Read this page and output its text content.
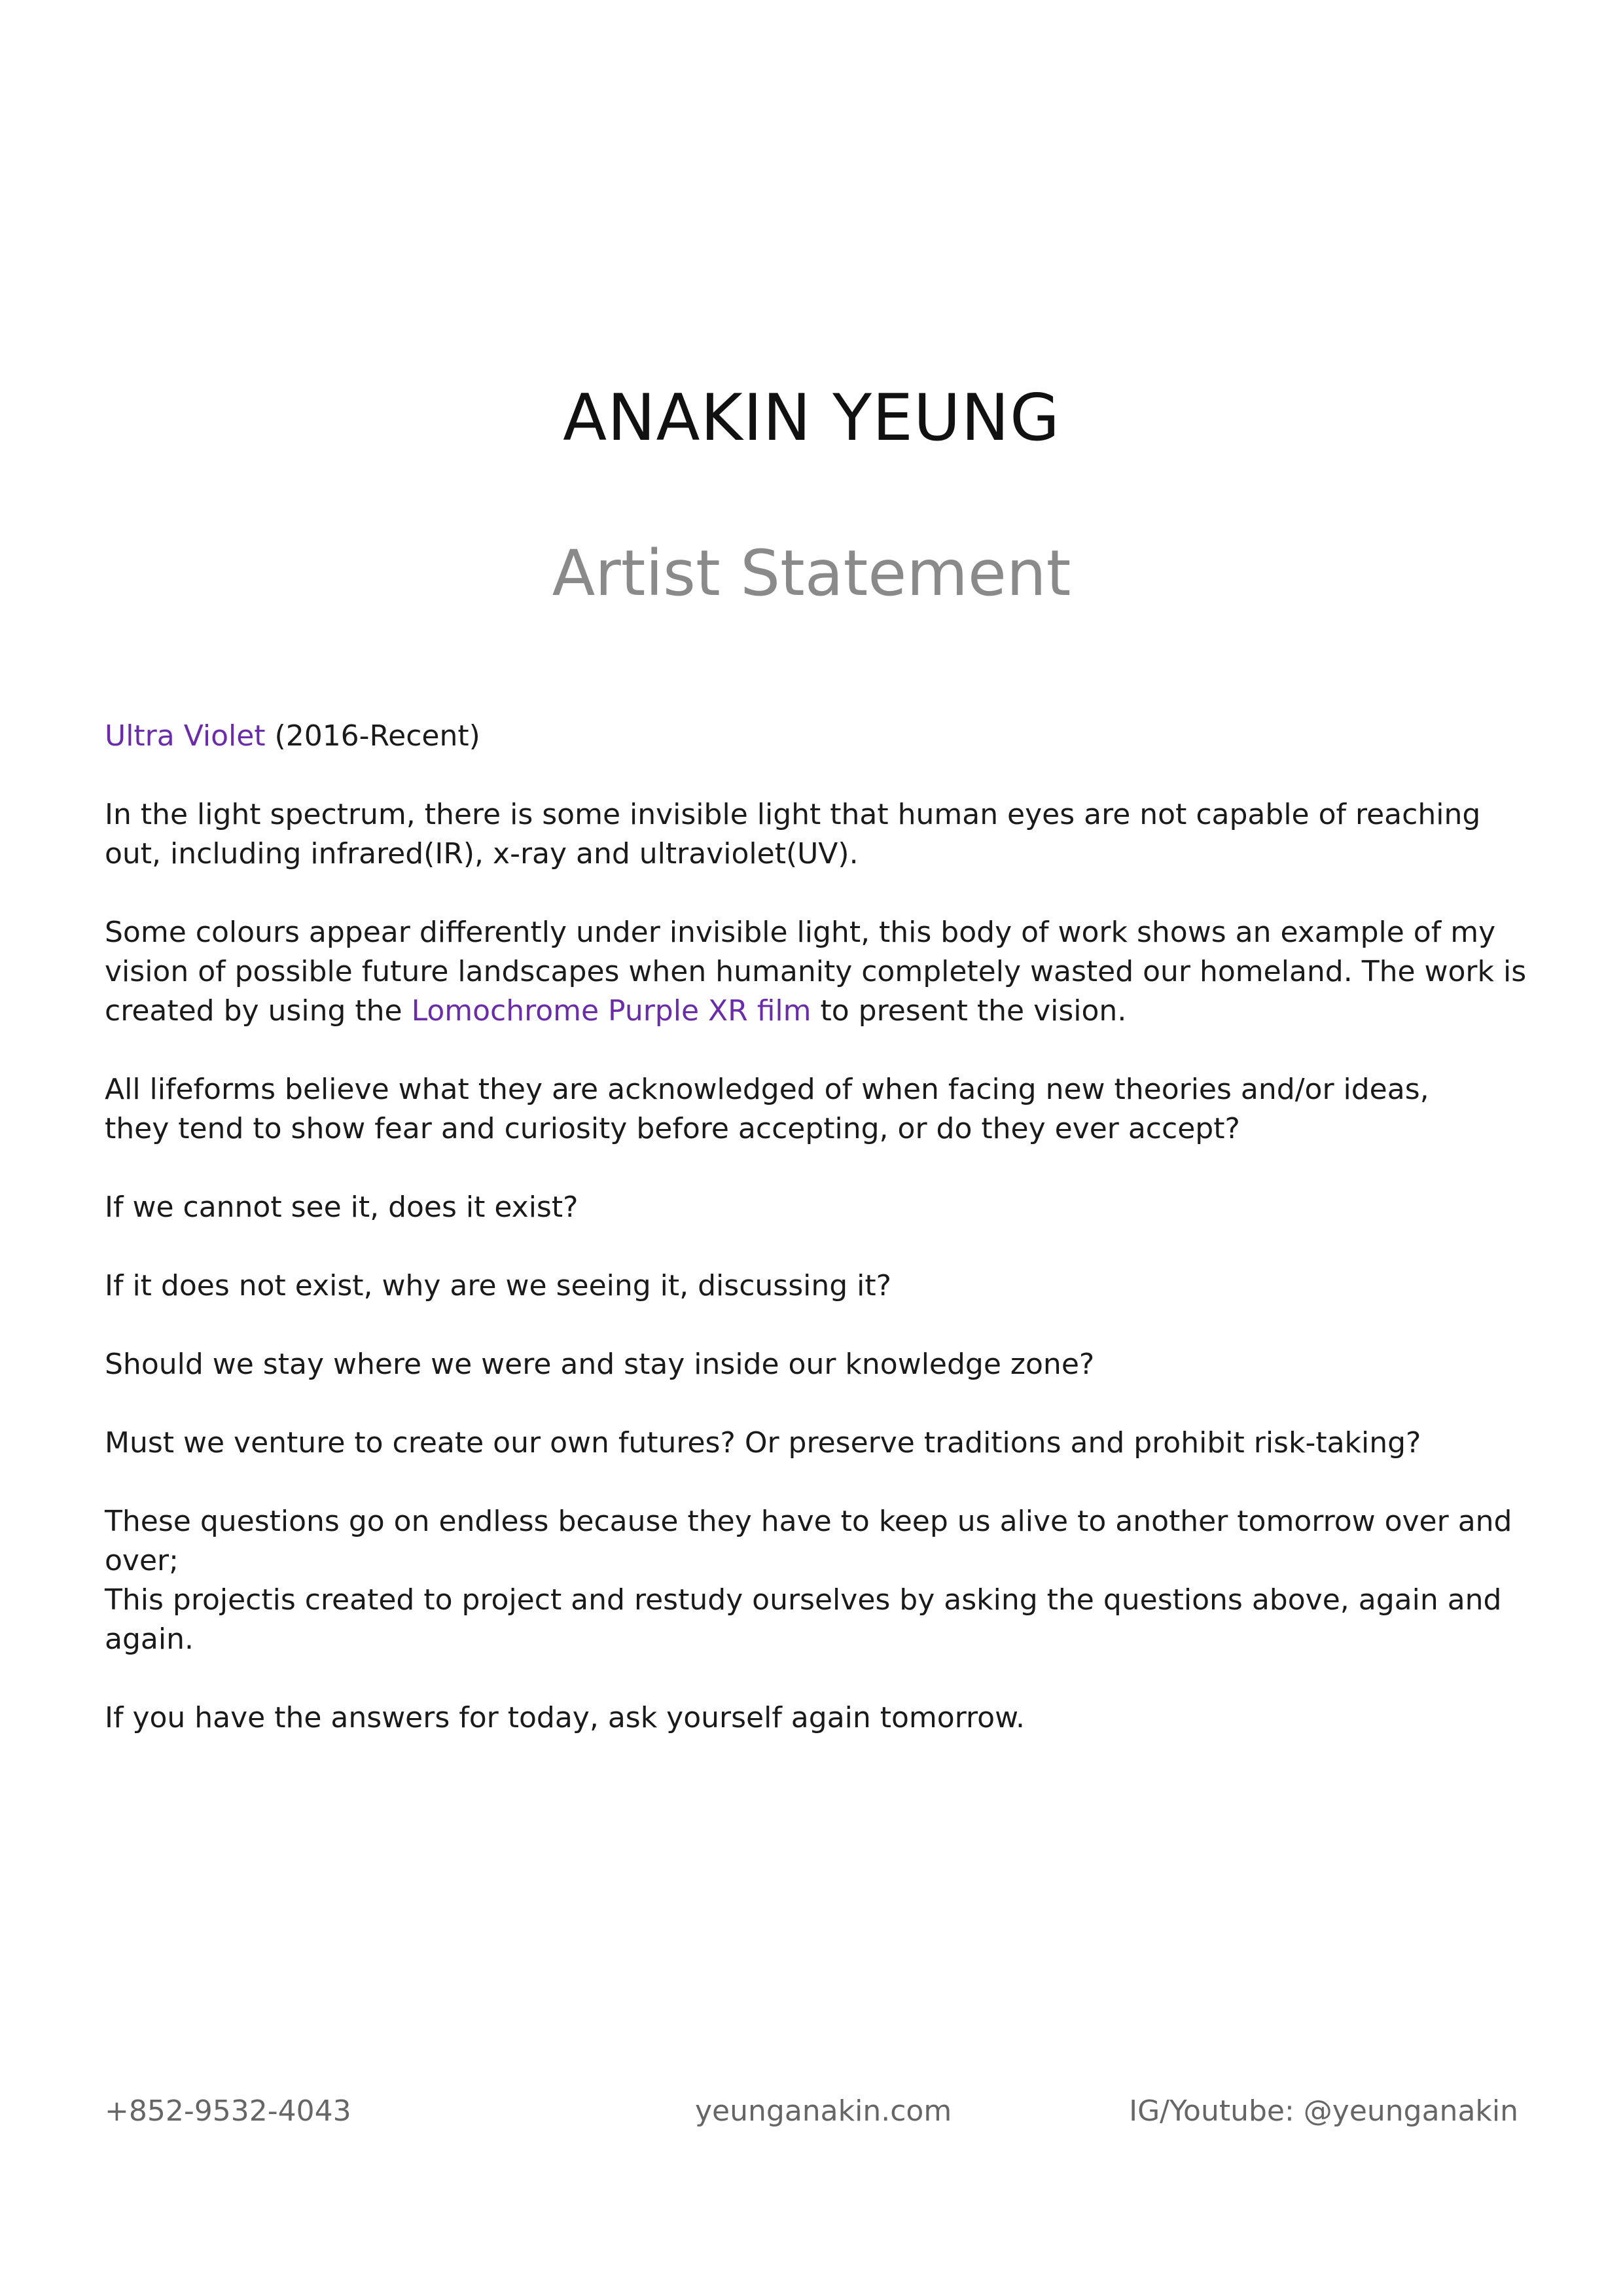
ANAKIN YEUNG
Artist Statement

Ultra Violet (2016-Recent)

In the light spectrum, there is some invisible light that human eyes are not capable of reaching out, including infrared(IR), x-ray and ultraviolet(UV).

Some colours appear differently under invisible light, this body of work shows an example of my vision of possible future landscapes when humanity completely wasted our homeland. The work is created by using the Lomochrome Purple XR film to present the vision.

All lifeforms believe what they are acknowledged of when facing new theories and/or ideas,
they tend to show fear and curiosity before accepting, or do they ever accept?

If we cannot see it, does it exist?

If it does not exist, why are we seeing it, discussing it?

Should we stay where we were and stay inside our knowledge zone?

Must we venture to create our own futures? Or preserve traditions and prohibit risk-taking?

These questions go on endless because they have to keep us alive to another tomorrow over and over;
This projectis created to project and restudy ourselves by asking the questions above, again and again.

If you have the answers for today, ask yourself again tomorrow.

+852-9532-4043	yeunganakin.com	IG/Youtube: @yeunganakin
